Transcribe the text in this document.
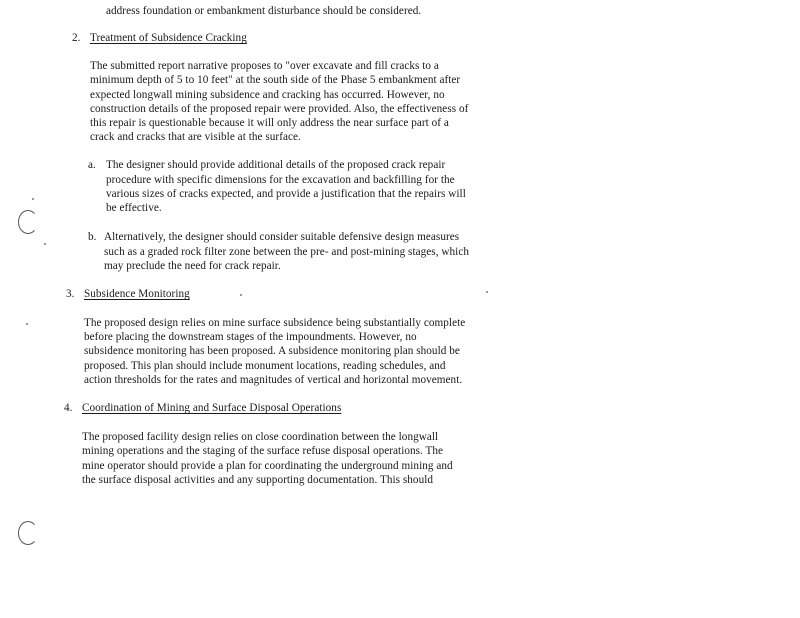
address foundation or embankment disturbance should be considered.
2. Treatment of Subsidence Cracking
The submitted report narrative proposes to "over excavate and fill cracks to a
minimum depth of 5 to 10 feet" at the south side of the Phase 5 embankment after
expected longwall mining subsidence and cracking has occurred. However, no
construction details of the proposed repair were provided. Also, the effectiveness of
this repair is questionable because it will only address the near surface part of a
crack and cracks that are visible at the surface.
a. The designer should provide additional details of the proposed crack repair
procedure with specific dimensions for the excavation and backfilling for the
various sizes of cracks expected, and provide a justification that the repairs will
be effective.
b. Alternatively, the designer should consider suitable defensive design measures
such as a graded rock filter zone between the pre- and post-mining stages, which
may preclude the need for crack repair.
3. Subsidence Monitoring
The proposed design relies on mine surface subsidence being substantially complete
before placing the downstream stages of the impoundments. However, no
subsidence monitoring has been proposed. A subsidence monitoring plan should be
proposed. This plan should include monument locations, reading schedules, and
action thresholds for the rates and magnitudes of vertical and horizontal movement.
4. Coordination of Mining and Surface Disposal Operations
The proposed facility design relies on close coordination between the longwall
mining operations and the staging of the surface refuse disposal operations. The
mine operator should provide a plan for coordinating the underground mining and
the surface disposal activities and any supporting documentation. This should
